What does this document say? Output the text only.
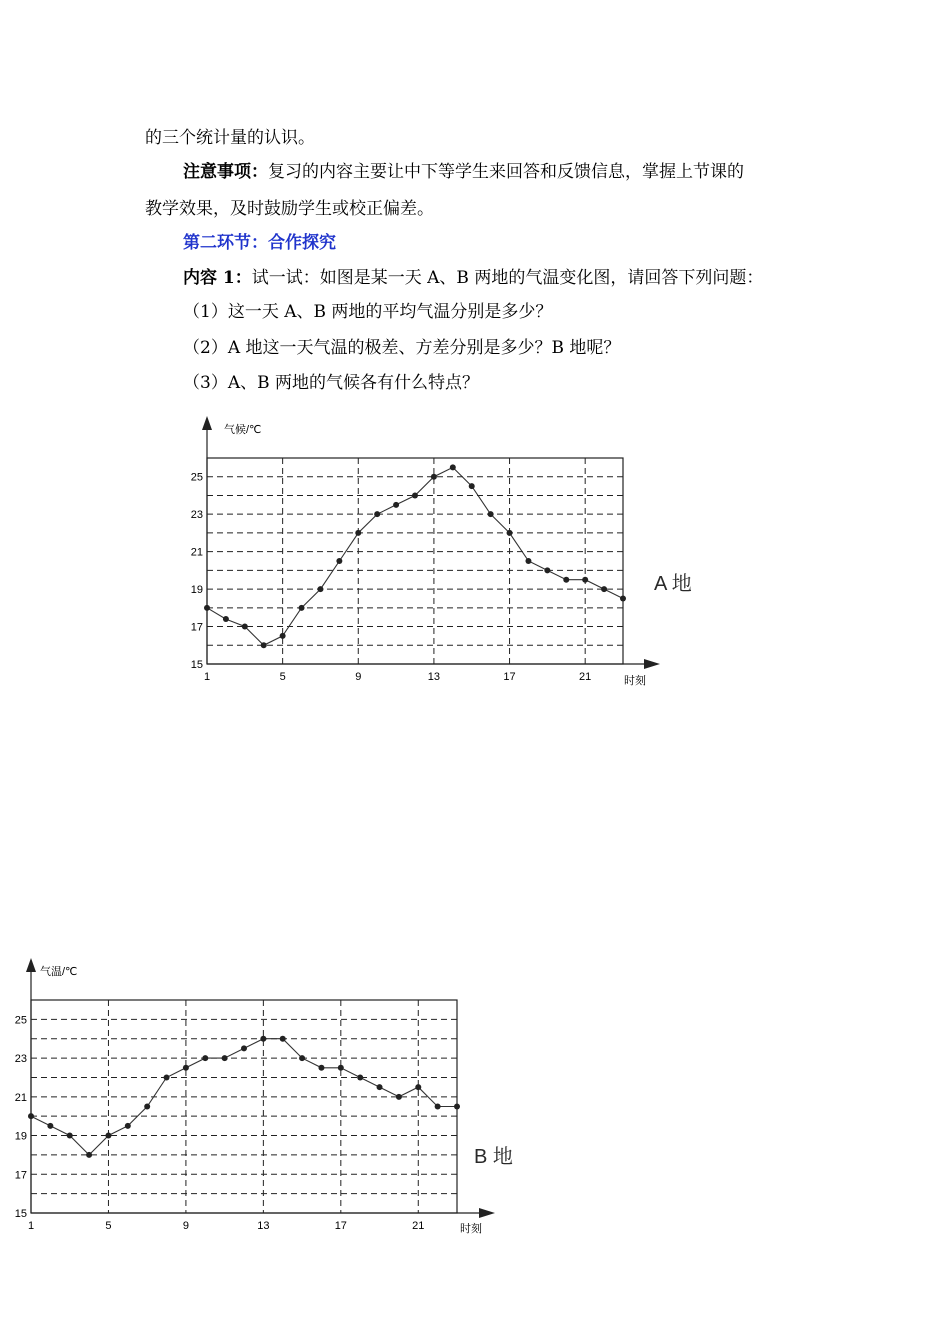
的三个统计量的认识。
注意事项：复习的内容主要让中下等学生来回答和反馈信息，掌握上节课的
教学效果，及时鼓励学生或校正偏差。
第二环节：合作探究
内容 1：试一试：如图是某一天 A、B 两地的气温变化图，请回答下列问题：
（1）这一天 A、B 两地的平均气温分别是多少？
（2）A 地这一天气温的极差、方差分别是多少？B 地呢？
（3）A、B 两地的气候各有什么特点？
15
17
19
21
23
25
1	5	9	13	17	21
气候/℃
时刻
A 地
15
17
19
21
23
25
1	5	9	13	17	21
气温/℃
时刻
B 地
